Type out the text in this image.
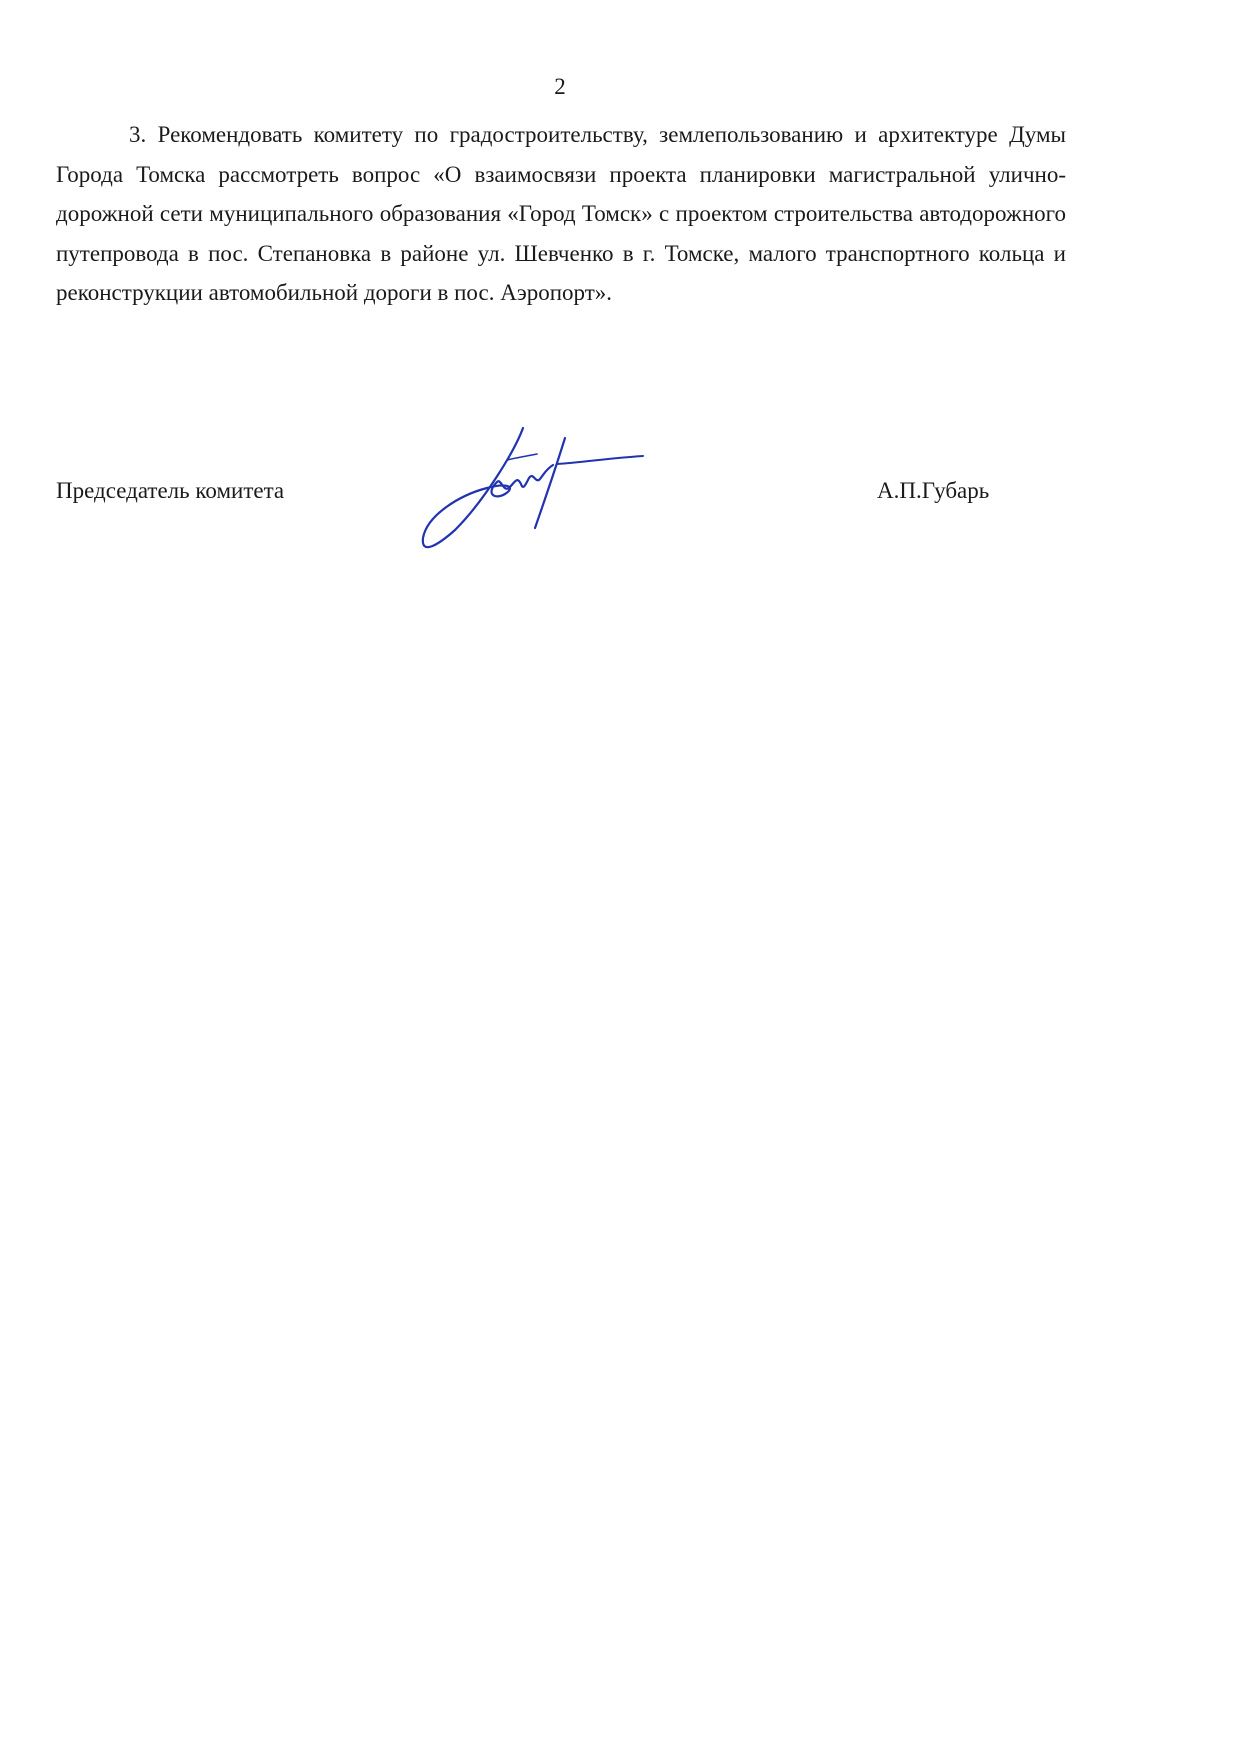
2

3. Рекомендовать комитету по градостроительству, землепользованию и архитектуре Думы Города Томска рассмотреть вопрос «О взаимосвязи проекта планировки магистральной улично-дорожной сети муниципального образования «Город Томск» с проектом строительства автодорожного путепровода в пос. Степановка в районе ул. Шевченко в г. Томске, малого транспортного кольца и реконструкции автомобильной дороги в пос. Аэропорт».

Председатель комитета	А.П.Губарь
